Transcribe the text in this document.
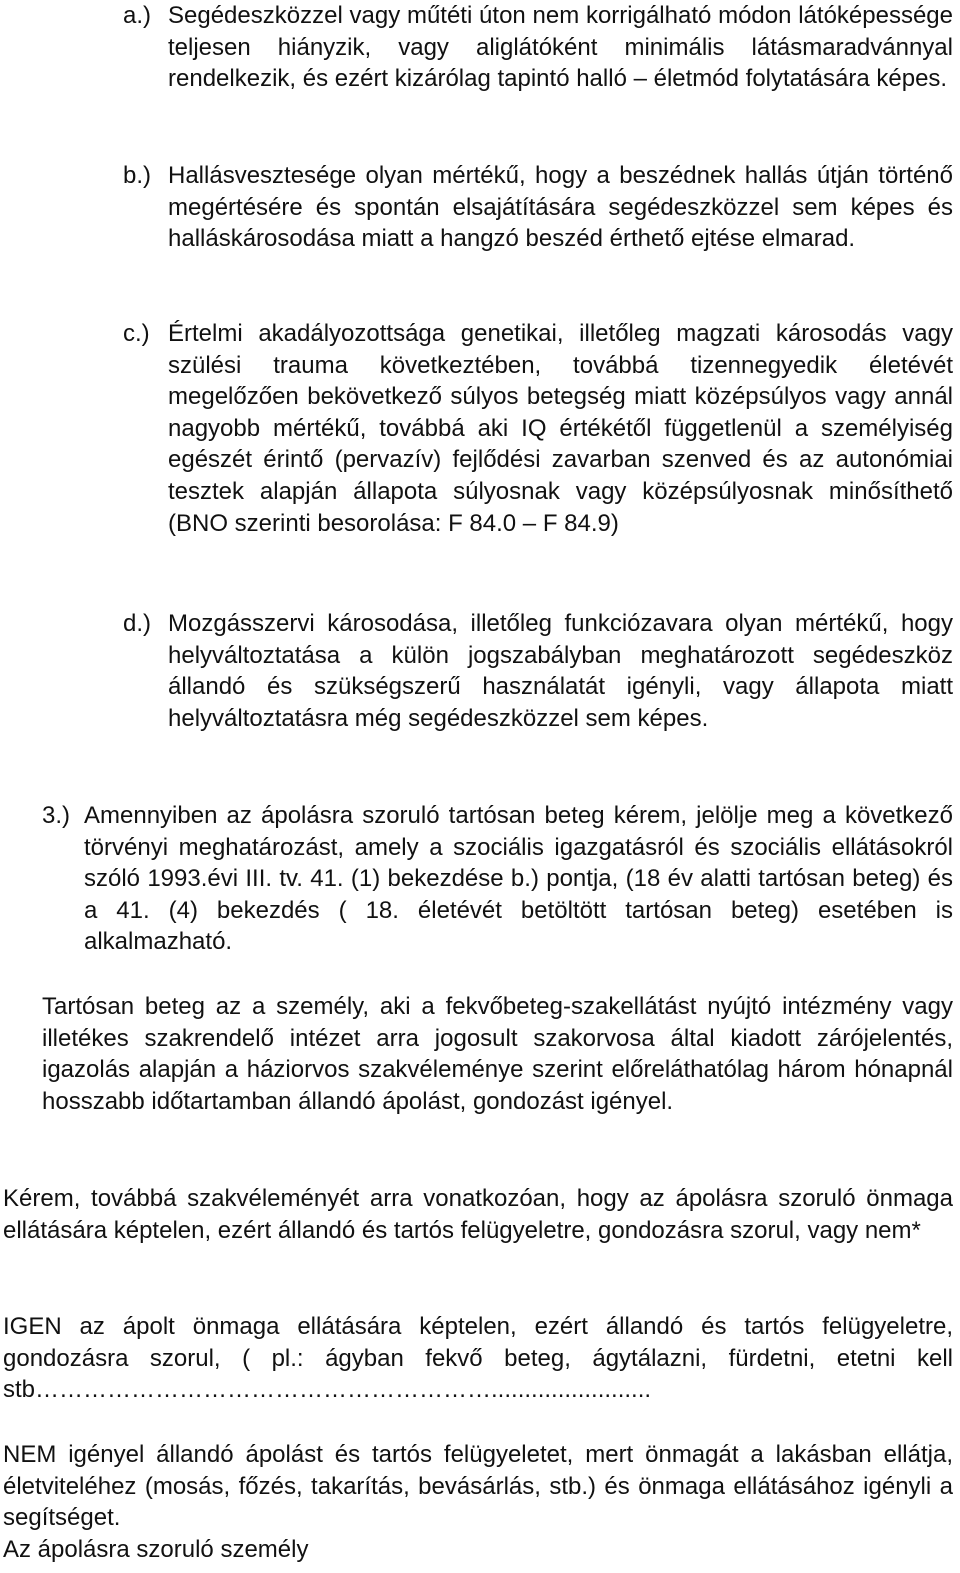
a.) Segédeszközzel vagy műtéti úton nem korrigálható módon látóképessége teljesen hiányzik, vagy aliglátóként minimális látásmaradvánnyal rendelkezik, és ezért kizárólag tapintó halló – életmód folytatására képes.
b.) Hallásvesztesége olyan mértékű, hogy a beszédnek hallás útján történő megértésére és spontán elsajátítására segédeszközzel sem képes és halláskárosodása miatt a hangzó beszéd érthető ejtése elmarad.
c.) Értelmi akadályozottsága genetikai, illetőleg magzati károsodás vagy szülési trauma következtében, továbbá tizennegyedik életévét megelőzően bekövetkező súlyos betegség miatt középsúlyos vagy annál nagyobb mértékű, továbbá aki IQ értékétől függetlenül a személyiség egészét érintő (pervazív) fejlődési zavarban szenved és az autonómiai tesztek alapján állapota súlyosnak vagy középsúlyosnak minősíthető (BNO szerinti besorolása: F 84.0 – F 84.9)
d.) Mozgásszervi károsodása, illetőleg funkciózavara olyan mértékű, hogy helyváltoztatása a külön jogszabályban meghatározott segédeszköz állandó és szükségszerű használatát igényli, vagy állapota miatt helyváltoztatásra még segédeszközzel sem képes.
3.) Amennyiben az ápolásra szoruló tartósan beteg kérem, jelölje meg a következő törvényi meghatározást, amely a szociális igazgatásról és szociális ellátásokról szóló 1993.évi III. tv. 41. (1) bekezdése b.) pontja, (18 év alatti tartósan beteg) és a 41. (4) bekezdés ( 18. életévét betöltött tartósan beteg) esetében is alkalmazható.
Tartósan beteg az a személy, aki a fekvőbeteg-szakellátást nyújtó intézmény vagy illetékes szakrendelő intézet arra jogosult szakorvosa által kiadott zárójelentés, igazolás alapján a háziorvos szakvéleménye szerint előreláthatólag három hónapnál hosszabb időtartamban állandó ápolást, gondozást igényel.
Kérem, továbbá szakvéleményét arra vonatkozóan, hogy az ápolásra szoruló önmaga ellátására képtelen, ezért állandó és tartós felügyeletre, gondozásra szorul, vagy nem*
IGEN az ápolt önmaga ellátására képtelen, ezért állandó és tartós felügyeletre, gondozásra szorul, ( pl.: ágyban fekvő beteg, ágytálazni, fürdetni, etetni kell
stb…………………………………………………........................
NEM igényel állandó ápolást és tartós felügyeletet, mert önmagát a lakásban ellátja, életviteléhez (mosás, főzés, takarítás, bevásárlás, stb.) és önmaga ellátásához igényli a segítséget.
Az ápolásra szoruló személy
